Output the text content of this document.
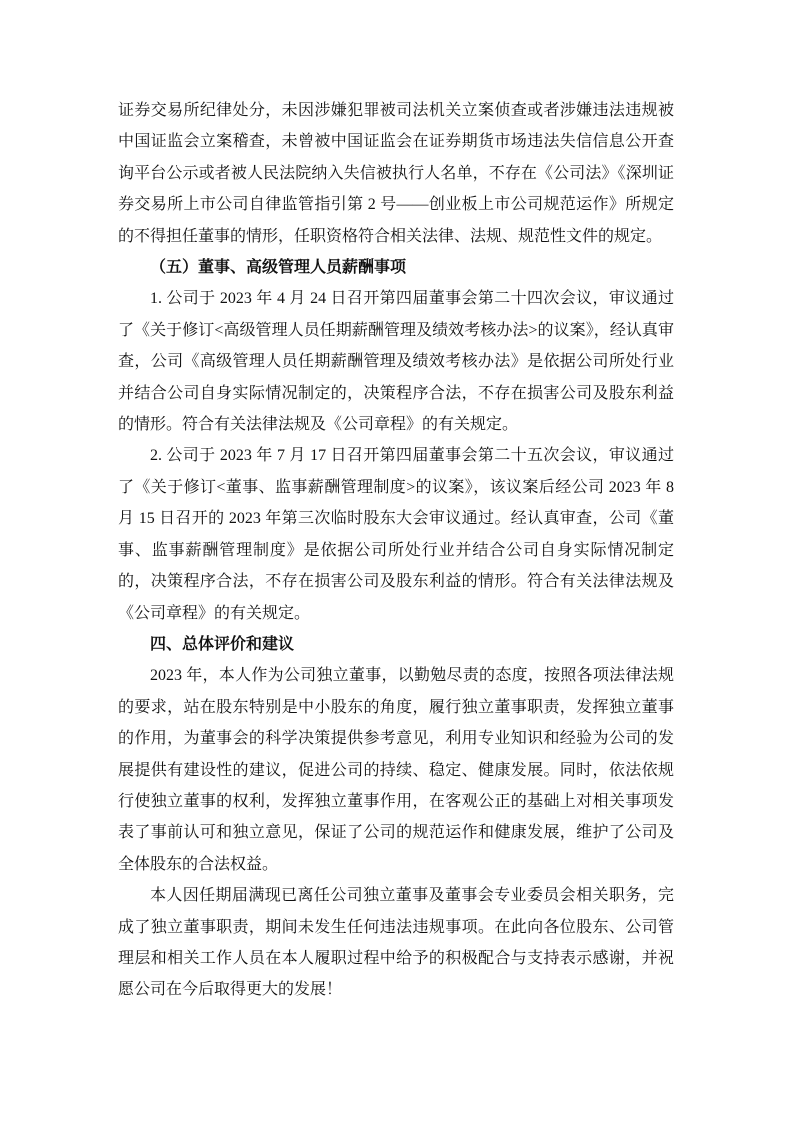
证券交易所纪律处分，未因涉嫌犯罪被司法机关立案侦查或者涉嫌违法违规被中国证监会立案稽查，未曾被中国证监会在证券期货市场违法失信信息公开查询平台公示或者被人民法院纳入失信被执行人名单，不存在《公司法》《深圳证券交易所上市公司自律监管指引第 2 号——创业板上市公司规范运作》所规定的不得担任董事的情形，任职资格符合相关法律、法规、规范性文件的规定。

（五）董事、高级管理人员薪酬事项

1. 公司于 2023 年 4 月 24 日召开第四届董事会第二十四次会议，审议通过了《关于修订<高级管理人员任期薪酬管理及绩效考核办法>的议案》，经认真审查，公司《高级管理人员任期薪酬管理及绩效考核办法》是依据公司所处行业并结合公司自身实际情况制定的，决策程序合法，不存在损害公司及股东利益的情形。符合有关法律法规及《公司章程》的有关规定。

2. 公司于 2023 年 7 月 17 日召开第四届董事会第二十五次会议，审议通过了《关于修订<董事、监事薪酬管理制度>的议案》，该议案后经公司 2023 年 8 月 15 日召开的 2023 年第三次临时股东大会审议通过。经认真审查，公司《董事、监事薪酬管理制度》是依据公司所处行业并结合公司自身实际情况制定的，决策程序合法，不存在损害公司及股东利益的情形。符合有关法律法规及《公司章程》的有关规定。

四、总体评价和建议

2023 年，本人作为公司独立董事，以勤勉尽责的态度，按照各项法律法规的要求，站在股东特别是中小股东的角度，履行独立董事职责，发挥独立董事的作用，为董事会的科学决策提供参考意见，利用专业知识和经验为公司的发展提供有建设性的建议，促进公司的持续、稳定、健康发展。同时，依法依规行使独立董事的权利，发挥独立董事作用，在客观公正的基础上对相关事项发表了事前认可和独立意见，保证了公司的规范运作和健康发展，维护了公司及全体股东的合法权益。

本人因任期届满现已离任公司独立董事及董事会专业委员会相关职务，完成了独立董事职责，期间未发生任何违法违规事项。在此向各位股东、公司管理层和相关工作人员在本人履职过程中给予的积极配合与支持表示感谢，并祝愿公司在今后取得更大的发展！
